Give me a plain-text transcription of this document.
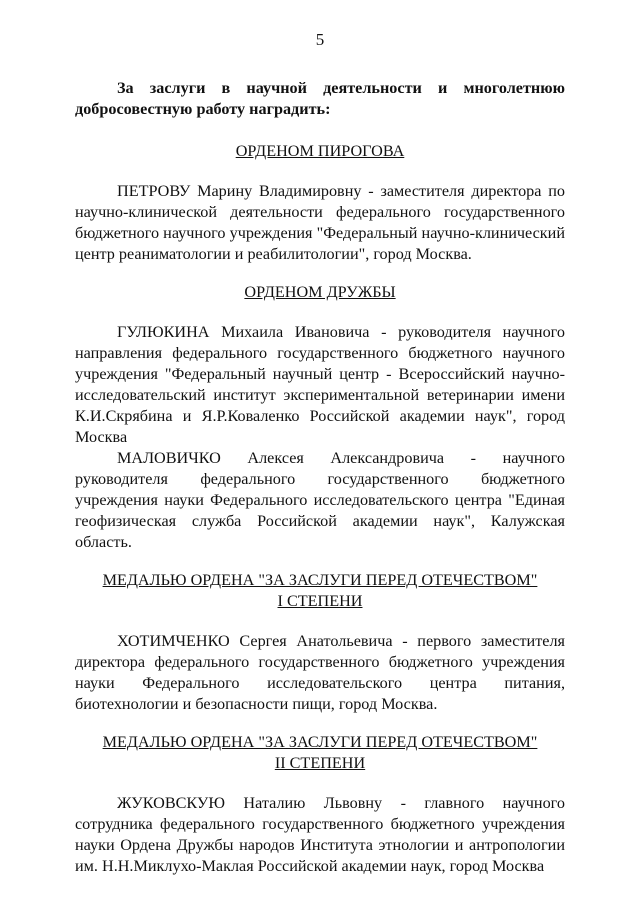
5

За заслуги в научной деятельности и многолетнюю добросовестную работу наградить:

ОРДЕНОМ ПИРОГОВА

ПЕТРОВУ Марину Владимировну - заместителя директора по научно-клинической деятельности федерального государственного бюджетного научного учреждения "Федеральный научно-клинический центр реаниматологии и реабилитологии", город Москва.

ОРДЕНОМ ДРУЖБЫ

ГУЛЮКИНА Михаила Ивановича - руководителя научного направления федерального государственного бюджетного научного учреждения "Федеральный научный центр - Всероссийский научно-исследовательский институт экспериментальной ветеринарии имени К.И.Скрябина и Я.Р.Коваленко Российской академии наук", город Москва

МАЛОВИЧКО Алексея Александровича - научного руководителя федерального государственного бюджетного учреждения науки Федерального исследовательского центра "Единая геофизическая служба Российской академии наук", Калужская область.

МЕДАЛЬЮ ОРДЕНА "ЗА ЗАСЛУГИ ПЕРЕД ОТЕЧЕСТВОМ"
I СТЕПЕНИ

ХОТИМЧЕНКО Сергея Анатольевича - первого заместителя директора федерального государственного бюджетного учреждения науки Федерального исследовательского центра питания, биотехнологии и безопасности пищи, город Москва.

МЕДАЛЬЮ ОРДЕНА "ЗА ЗАСЛУГИ ПЕРЕД ОТЕЧЕСТВОМ"
II СТЕПЕНИ

ЖУКОВСКУЮ Наталию Львовну - главного научного сотрудника федерального государственного бюджетного учреждения науки Ордена Дружбы народов Института этнологии и антропологии им. Н.Н.Миклухо-Маклая Российской академии наук, город Москва
